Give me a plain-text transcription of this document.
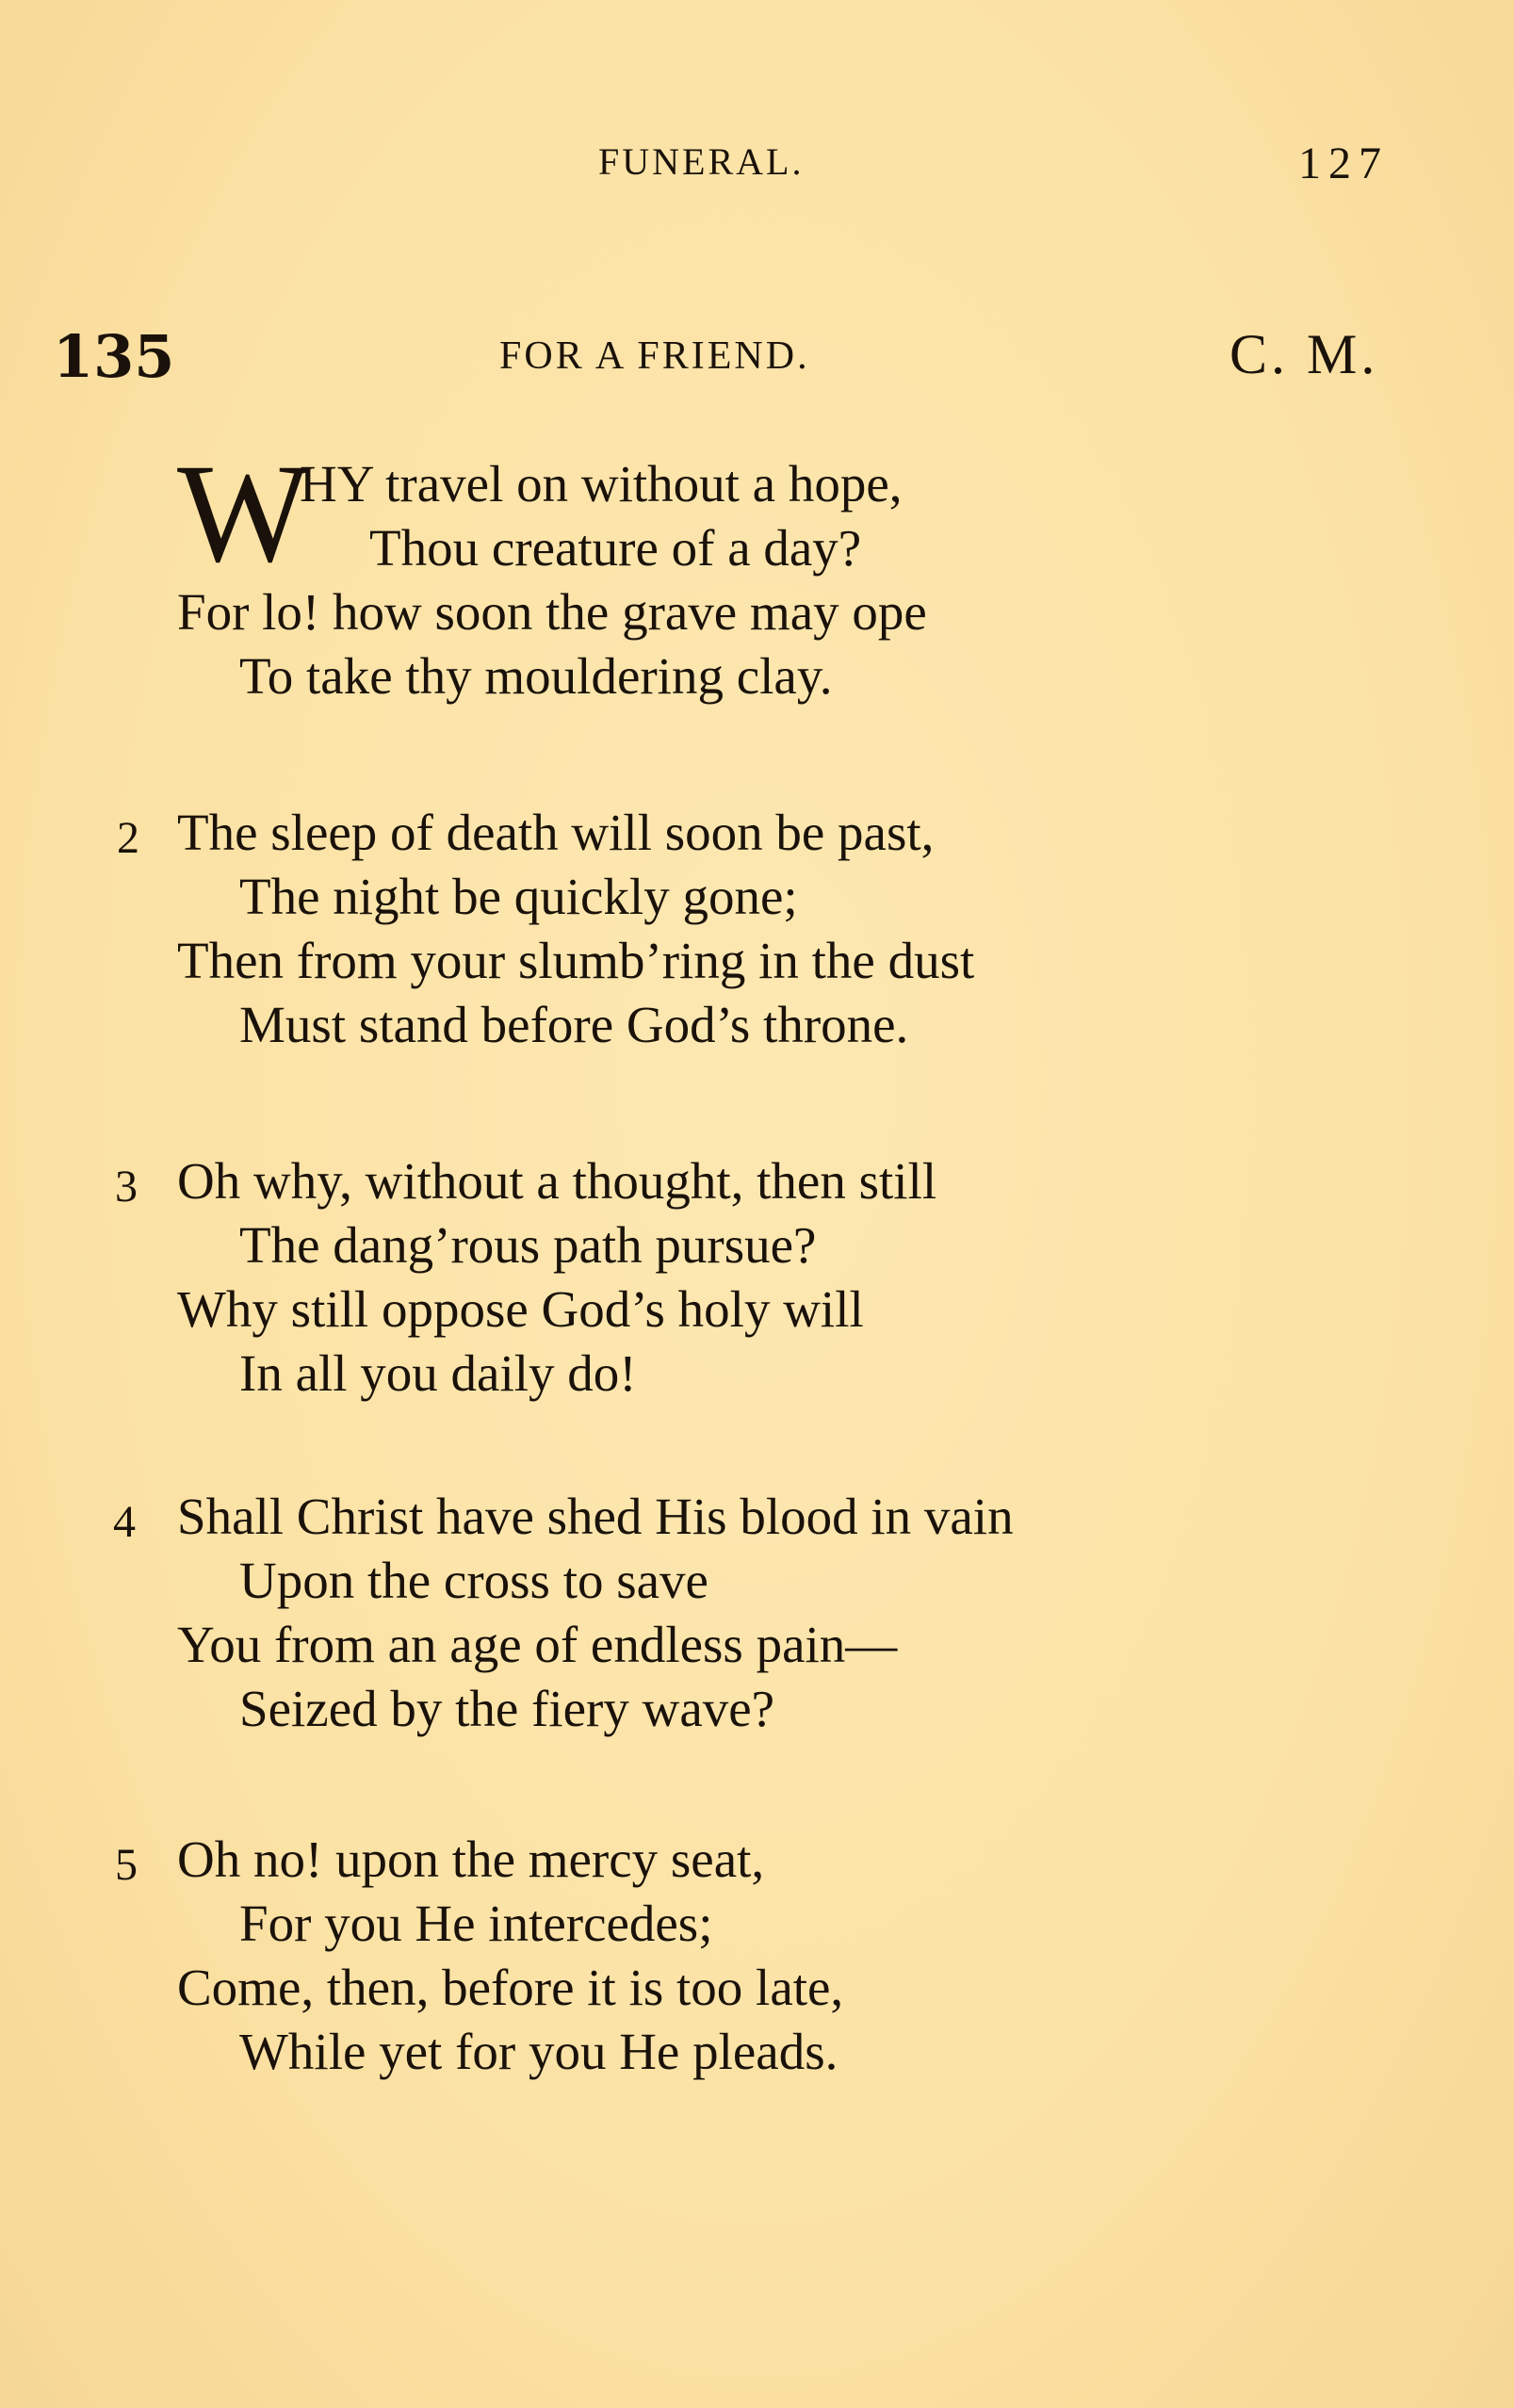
FUNERAL.	127
135	FOR A FRIEND.	C. M.
W
HY travel on without a hope,
Thou creature of a day?
For lo! how soon the grave may ope
To take thy mouldering clay.
2 The sleep of death will soon be past,
The night be quickly gone;
Then from your slumb’ring in the dust
Must stand before God’s throne.
3 Oh why, without a thought, then still
The dang’rous path pursue?
Why still oppose God’s holy will
In all you daily do!
4 Shall Christ have shed His blood in vain
Upon the cross to save
You from an age of endless pain—
Seized by the fiery wave?
5 Oh no! upon the mercy seat,
For you He intercedes;
Come, then, before it is too late,
While yet for you He pleads.
